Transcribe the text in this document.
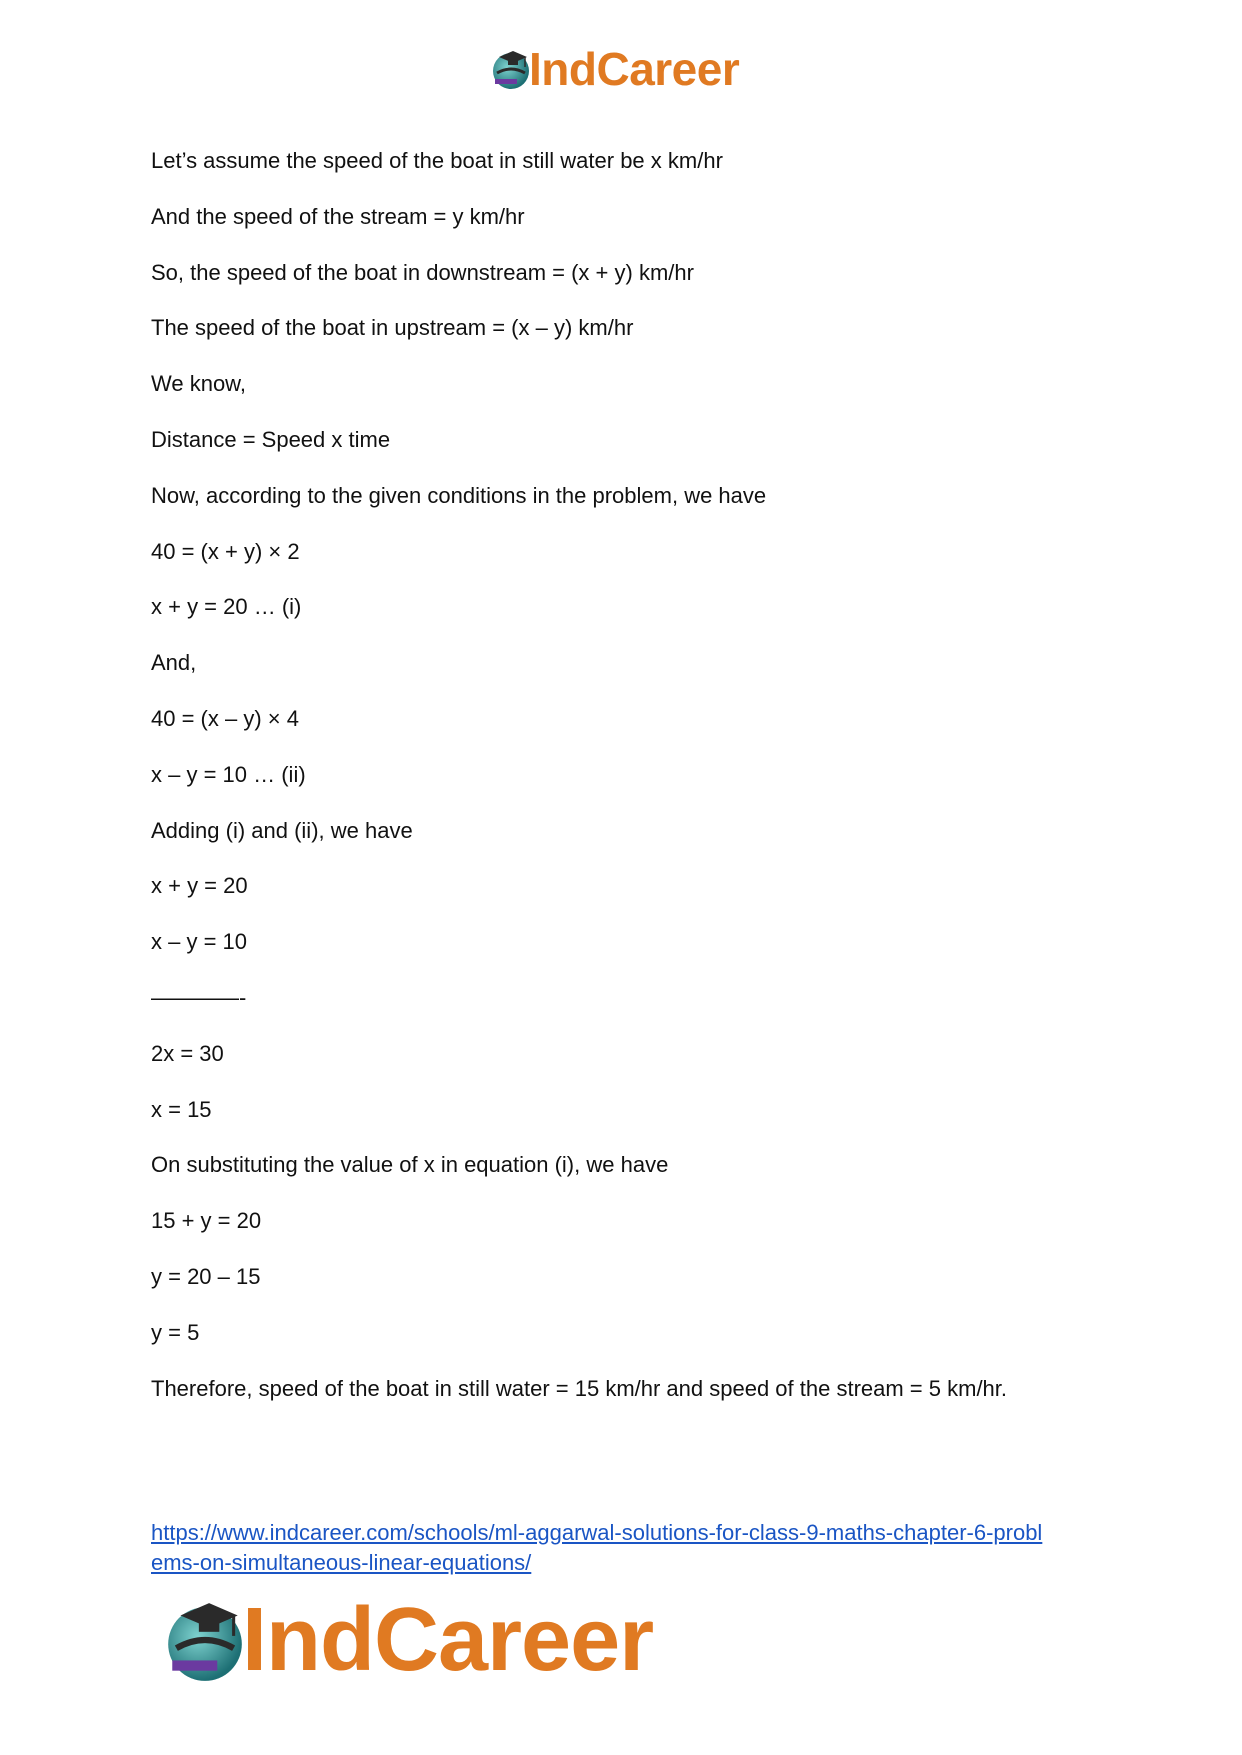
IndCareer
Let’s assume the speed of the boat in still water be x km/hr
And the speed of the stream = y km/hr
So, the speed of the boat in downstream = (x + y) km/hr
The speed of the boat in upstream = (x – y) km/hr
We know,
Distance = Speed x time
Now, according to the given conditions in the problem, we have
40 = (x + y) × 2
x + y = 20 … (i)
And,
40 = (x – y) × 4
x – y = 10 … (ii)
Adding (i) and (ii), we have
x + y = 20
x – y = 10
————-
2x = 30
x = 15
On substituting the value of x in equation (i), we have
15 + y = 20
y = 20 – 15
y = 5
Therefore, speed of the boat in still water = 15 km/hr and speed of the stream = 5 km/hr.
https://www.indcareer.com/schools/ml-aggarwal-solutions-for-class-9-maths-chapter-6-probl
ems-on-simultaneous-linear-equations/
IndCareer
